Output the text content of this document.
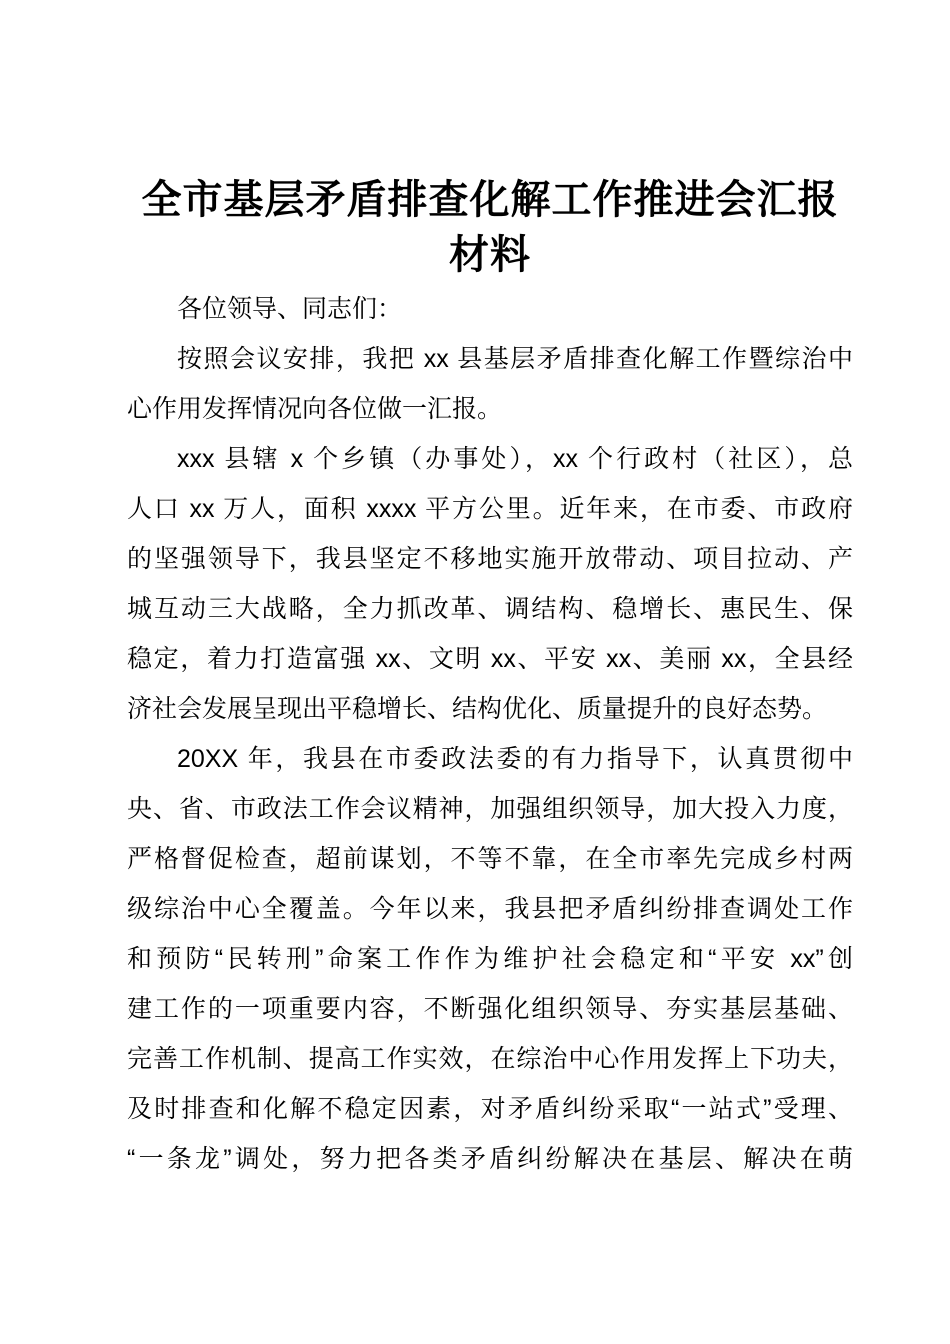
全市基层矛盾排查化解工作推进会汇报
材料
各位领导、同志们：
按照会议安排，我把 xx 县基层矛盾排查化解工作暨综治中
心作用发挥情况向各位做一汇报。
xxx 县辖 x 个乡镇（办事处），xx 个行政村（社区），总
人口 xx 万人，面积 xxxx 平方公里。近年来，在市委、市政府
的坚强领导下，我县坚定不移地实施开放带动、项目拉动、产
城互动三大战略，全力抓改革、调结构、稳增长、惠民生、保
稳定，着力打造富强 xx、文明 xx、平安 xx、美丽 xx，全县经
济社会发展呈现出平稳增长、结构优化、质量提升的良好态势。
20XX 年，我县在市委政法委的有力指导下，认真贯彻中
央、省、市政法工作会议精神，加强组织领导，加大投入力度，
严格督促检查，超前谋划，不等不靠，在全市率先完成乡村两
级综治中心全覆盖。今年以来，我县把矛盾纠纷排查调处工作
和预防“民转刑”命案工作作为维护社会稳定和“平安 xx”创
建工作的一项重要内容，不断强化组织领导、夯实基层基础、
完善工作机制、提高工作实效，在综治中心作用发挥上下功夫，
及时排查和化解不稳定因素，对矛盾纠纷采取“一站式”受理、
“一条龙”调处，努力把各类矛盾纠纷解决在基层、解决在萌
